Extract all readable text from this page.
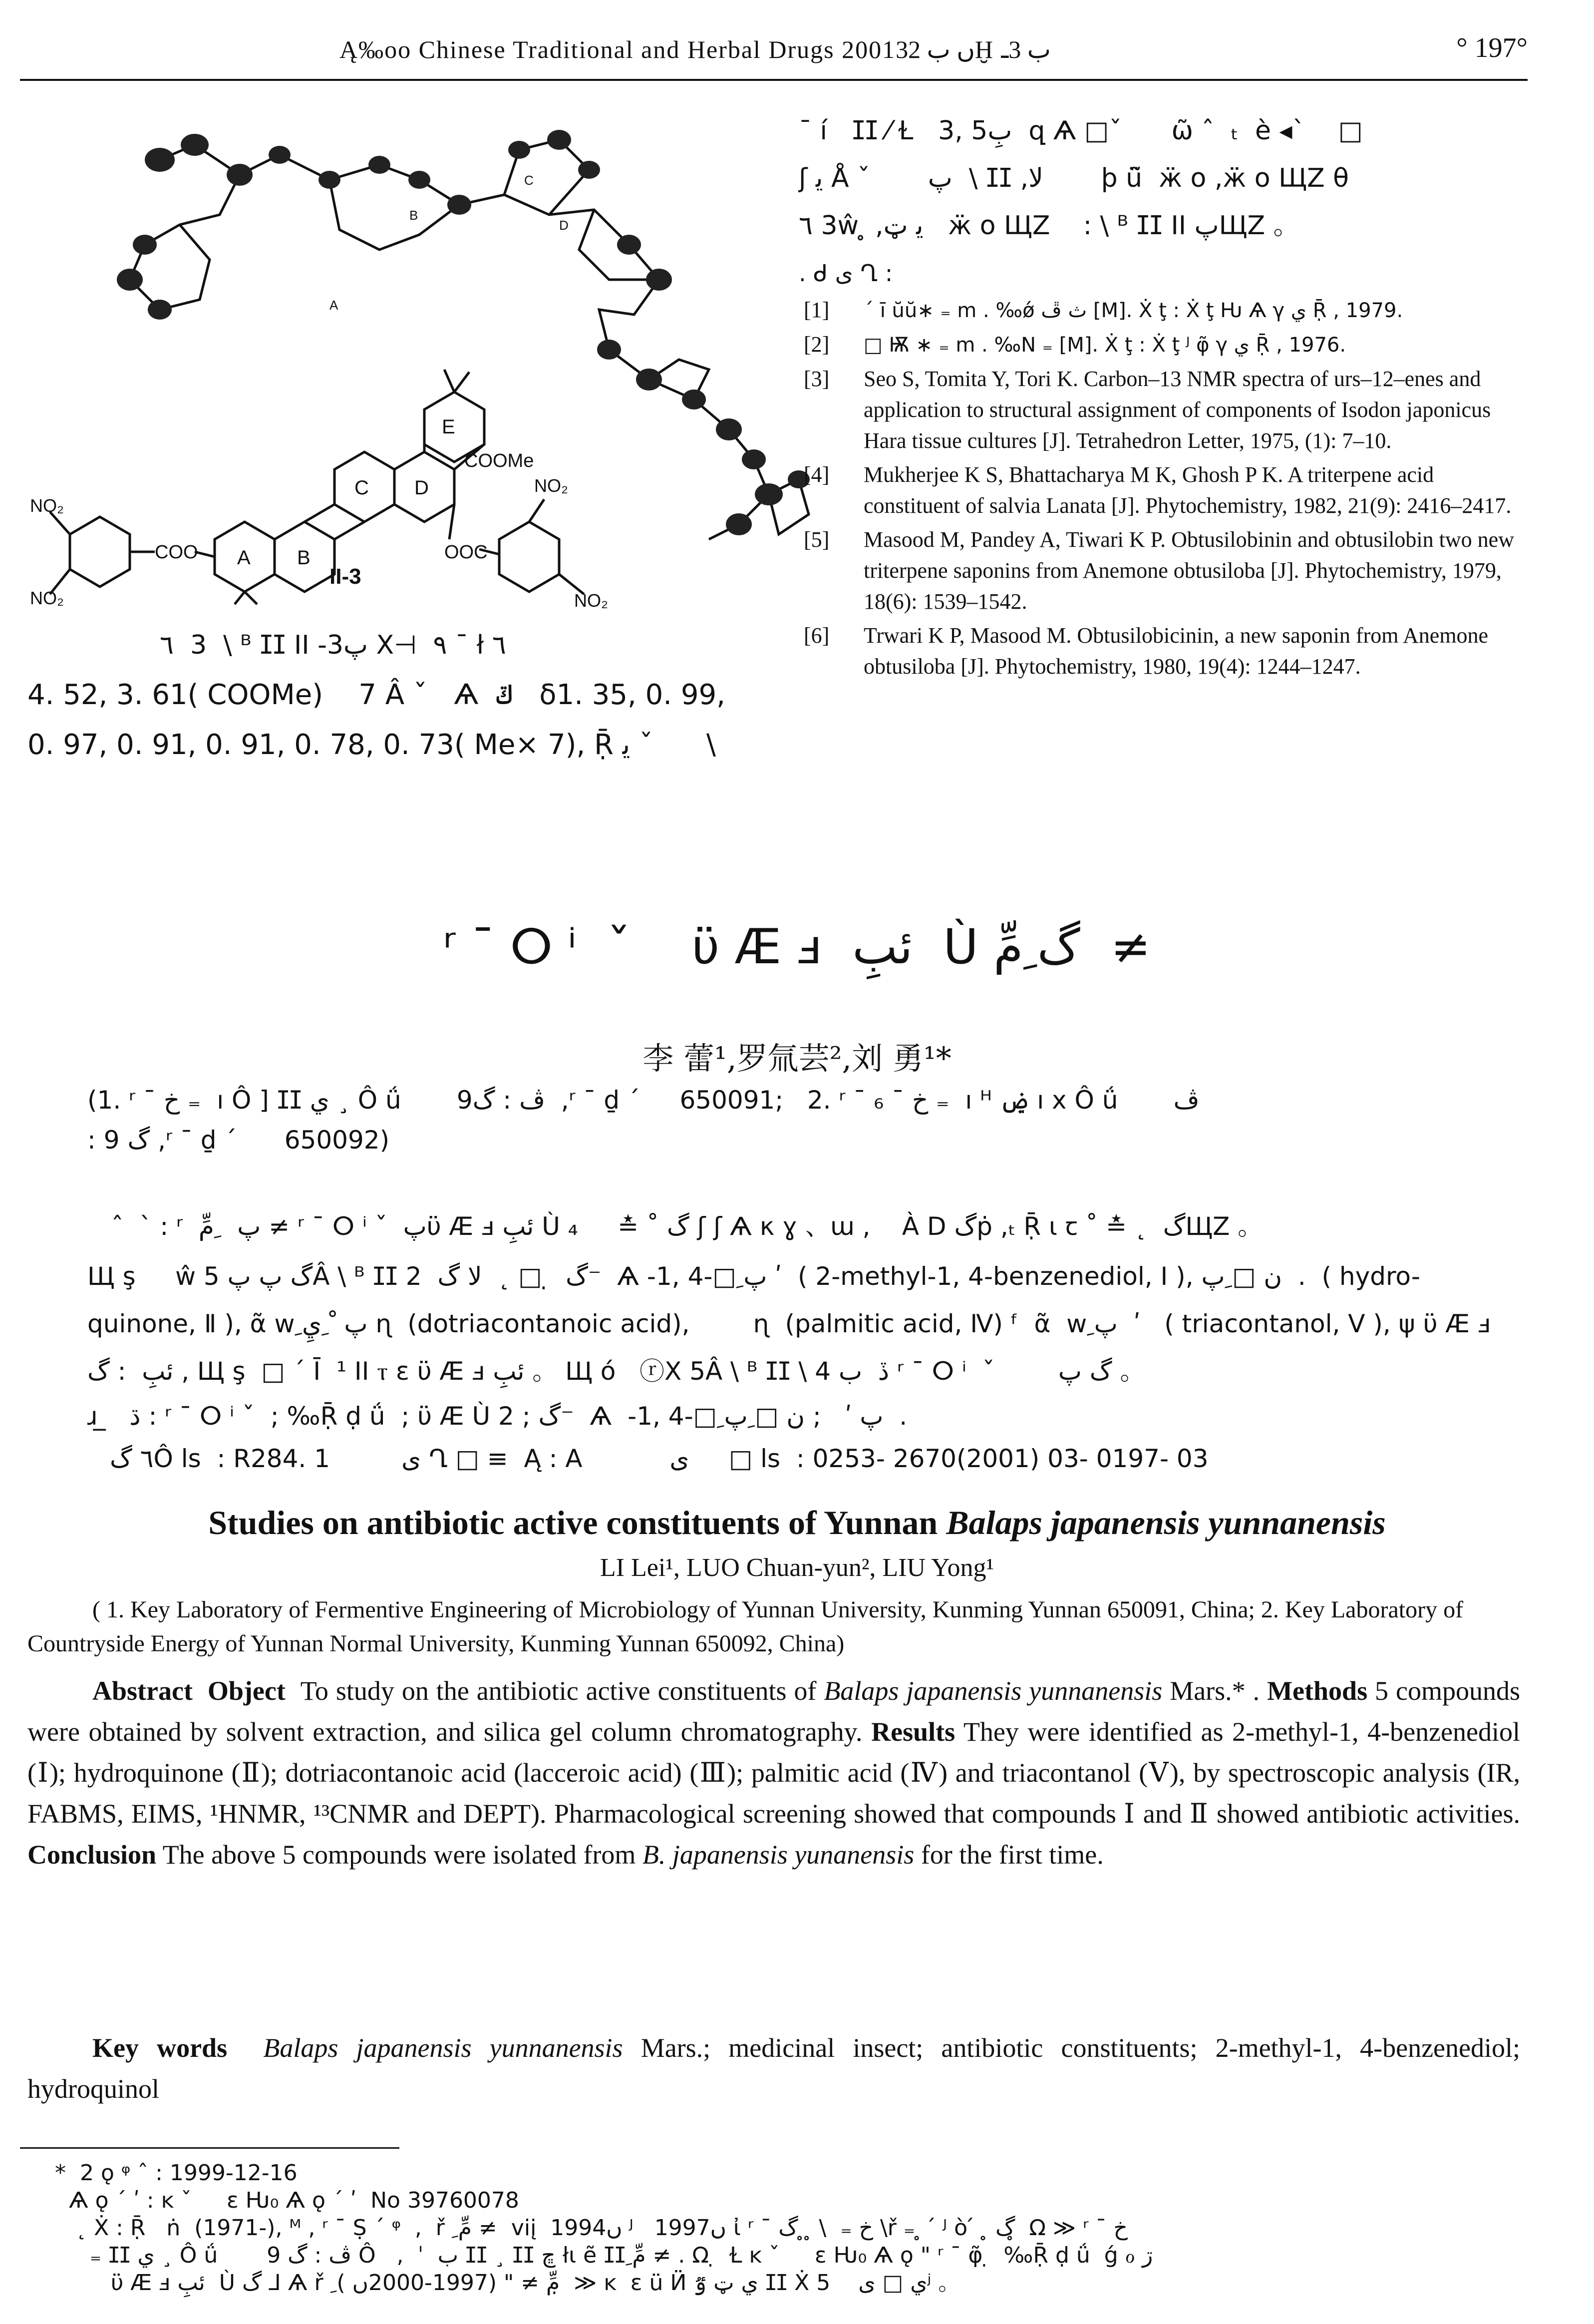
Ą‰oo Chinese Traditional and Herbal Drugs 2001ں ب 32Ḫ ب 3ـ	° 197°
E
C D
A B
COO
COOMe
OOC
NO₂
NO₂
NO₂
NO₂
A
B
C
D
II-3
٦  3  \ ᴮ ⵊⵊ ⅠⅠ -3پ X⊣  ٩ ¯ ł ٦
4. 52, 3. 61( COOMe)    7 Â ˇ   Ѧ  ݿ   δ1. 35, 0. 99,
0. 97, 0. 91, 0. 91, 0. 78, 0. 73( Me× 7), Ṝ ﻳ ˇ      \
¯ í   ⵊⵊ ⁄ Ɫ   3, 5بِ  զ Ѧ □ˇ      ω̃ ˆ  ₜ  è ◂ˋ    □
ʃ ﻳ Å ˇ       پ  \ ⵊⵊ ,ﻻ       ϸ ü̃  ӝ ο ,ӝ ο ЩZ θ
٦ 3ŵ ̥ ,ﻳ ټ   ӝ ο ЩZ    : \ ᴮ ⵊⵊ ⅠⅠ پЩZ 。
. ᑯ ى Ղ :
[1] ´ ī ŭŭ∗ ₌ m . ‰ǿ ث ڦ [M]. Ẋ ţ : Ẋ ţ Ƕ Ѧ γ ي Ṝ , 1979.
[2] □ Ѭ ∗ ₌ m . ‰N ₌ [M]. Ẋ ţ : Ẋ ţ ᴶ φ̃ γ ي Ṝ , 1976.
[3] Seo S, Tomita Y, Tori K. Carbon–13 NMR spectra of urs–12–enes and application to structural assignment of components of Isodon japonicus Hara tissue cultures [J]. Tetrahedron Letter, 1975, (1): 7–10.
[4] Mukherjee K S, Bhattacharya M K, Ghosh P K. A triterpene acid constituent of salvia Lanata [J]. Phytochemistry, 1982, 21(9): 2416–2417.
[5] Masood M, Pandey A, Tiwari K P. Obtusilobinin and obtusilobin two new triterpene saponins from Anemone obtusiloba [J]. Phytochemistry, 1979, 18(6): 1539–1542.
[6] Trwari K P, Masood M. Obtusilobicinin, a new saponin from Anemone obtusiloba [J]. Phytochemistry, 1980, 19(4): 1244–1247.
ʳ ¯ ⵔ ⁱ  ˇ    ϋ Æ ⅎ  ئبِ  Ù گ ِمِّ  ≠
李 蕾¹,罗氚芸²,刘 勇¹*
(1. ʳ ¯ خ ₌  ı Ô ] ⵊⵊ ي ¸ Ô ǘ       ڤ : گ9  ,ʳ ¯ ḏ ´     650091;   2. ʳ ¯ ₆ ˉ خ ₌  ı ᴴ ۻ ̣ı x Ô ǘ       ڤ
: گ 9 ,ʳ ¯ ḏ ´      650092)
ˆ  ˋ : ʳ  پ   ِمِّ ≠ ʳ ¯ ⵔ ⁱ ˇ  پϋ Æ ⅎ ئبِ Ù گ ˚ ≛     ₄ ʃ ʃ Ѧ κ ɣ 、ɯ ,    À D گṗ ,ₜ Ṝ ι ꞇ ˚ ≛ ˛  گЩZ 。
Щ ş     ŵ گ پ پ 5Â \ ᴮ ⵊⵊ گ  ̣ □ ˛  ﻻ گ  2⁻  Ѧ -1, 4-□ ِپ ʹ  ( 2-methyl-1, 4-benzenediol, Ⅰ ), ن □ ِپ  .  ( hydro-
quinone, Ⅱ ), ᾶ w ِپ  ْ ِيِ ɳ  (dotriacontanoic acid),        ɳ  (palmitic acid, Ⅳ) ᶠ  ᾶ  w ِپ  ʹ   ( triacontanol, Ⅴ ), ψ ϋ Æ ⅎ
ئبِ  : گ , Щ ş  □ ´ Ī  ¹ ⅠⅠ ⲧ ɛ ϋ Æ ⅎ ئبِ 。 Щ ó   ⓡX 5Â \ ᴮ ⵊⵊ \ 4 ڏ  ب ʳ ¯ ⵔ ⁱ  ˇ        گ پ 。
ɹ ̲   ڌ : ʳ ¯ ⵔ ⁱ ˇ  ; ‰Ṝ ḍ ǘ  ; ϋ Æ Ù گ ; 2⁻  Ѧ  -1, 4-□ ِپ ʹ   ; ن □ ِپ  .
٦ گÔ ls  : R284. 1         ى Ղ □ ≡  Ą : A           ى     □ ls  : 0253- 2670(2001) 03- 0197- 03
Studies on antibiotic active constituents of Yunnan Balaps japanensis yunnanensis
LI Lei¹, LUO Chuan-yun², LIU Yong¹
( 1. Key Laboratory of Fermentive Engineering of Microbiology of Yunnan University, Kunming Yunnan 650091, China; 2. Key Laboratory of Countryside Energy of Yunnan Normal University, Kunming Yunnan 650092, China)
Abstract Object To study on the antibiotic active constituents of Balaps japanensis yunnanensis Mars.* . Methods 5 compounds were obtained by solvent extraction, and silica gel column chromatography. Results They were identified as 2-methyl-1, 4-benzenediol (Ⅰ); hydroquinone (Ⅱ); dotriacontanoic acid (lacceroic acid) (Ⅲ); palmitic acid (Ⅳ) and triacontanol (Ⅴ), by spectroscopic analysis (IR, FABMS, EIMS, ¹HNMR, ¹³CNMR and DEPT). Pharmacological screening showed that compounds Ⅰ and Ⅱ showed antibiotic activities. Conclusion The above 5 compounds were isolated from B. japanensis yunanensis for the first time.
Key words Balaps japanensis yunnanensis Mars.; medicinal insect; antibiotic constituents; 2-methyl-1, 4-benzenediol; hydroquinol
*  2 ǫ ᵠ ˆ : 1999-12-16
Ѧ ǫ ´ ʹ : ĸ ˇ     ε Ƕ₀ Ѧ ǫ ´ ʹ  No 39760078
˛ Ẋ : Ṝ   ṅ  (1971-), ᴹ , ʳ ¯ Ṣ ´ ᵠ  ,  ř  ِمِّ ≠  viį  1994ں ᴶ   1997ں ἰ ʳ ¯ خ ₌  \ ̥ ̥ گ \ř ₌ ̥  ́ ᴶ ò ́  ̥ گ ̥ Ω ≫ ʳ ¯ خ
₌ ⵊⵊ ي ¸ Ô ǘ       ڤ : گ 9 Ô   ,  ˈ  ب ⵊⵊ ¸ ⵊⵊ ڇ łι ẽ ⵊⵊ ِمِّ ≠ . Ω ̣  Ɫ ĸ ˇ     ε Ƕ₀ Ѧ ǫ " ʳ ¯ φ̃ ̣  ‰Ṝ ḍ ǘ  ǵ ℴ ڗ
ϋ Æ ⅎ ئبِ  Ù گ ⅃ Ѧ ř  ِمِّ ≠ " (1997-2000ں ) ̣ ≫ ĸ  ε ü Ӥ ي ټ ٷ ⵊⵊ Ẋ ي □ ى    5ʲ 。
